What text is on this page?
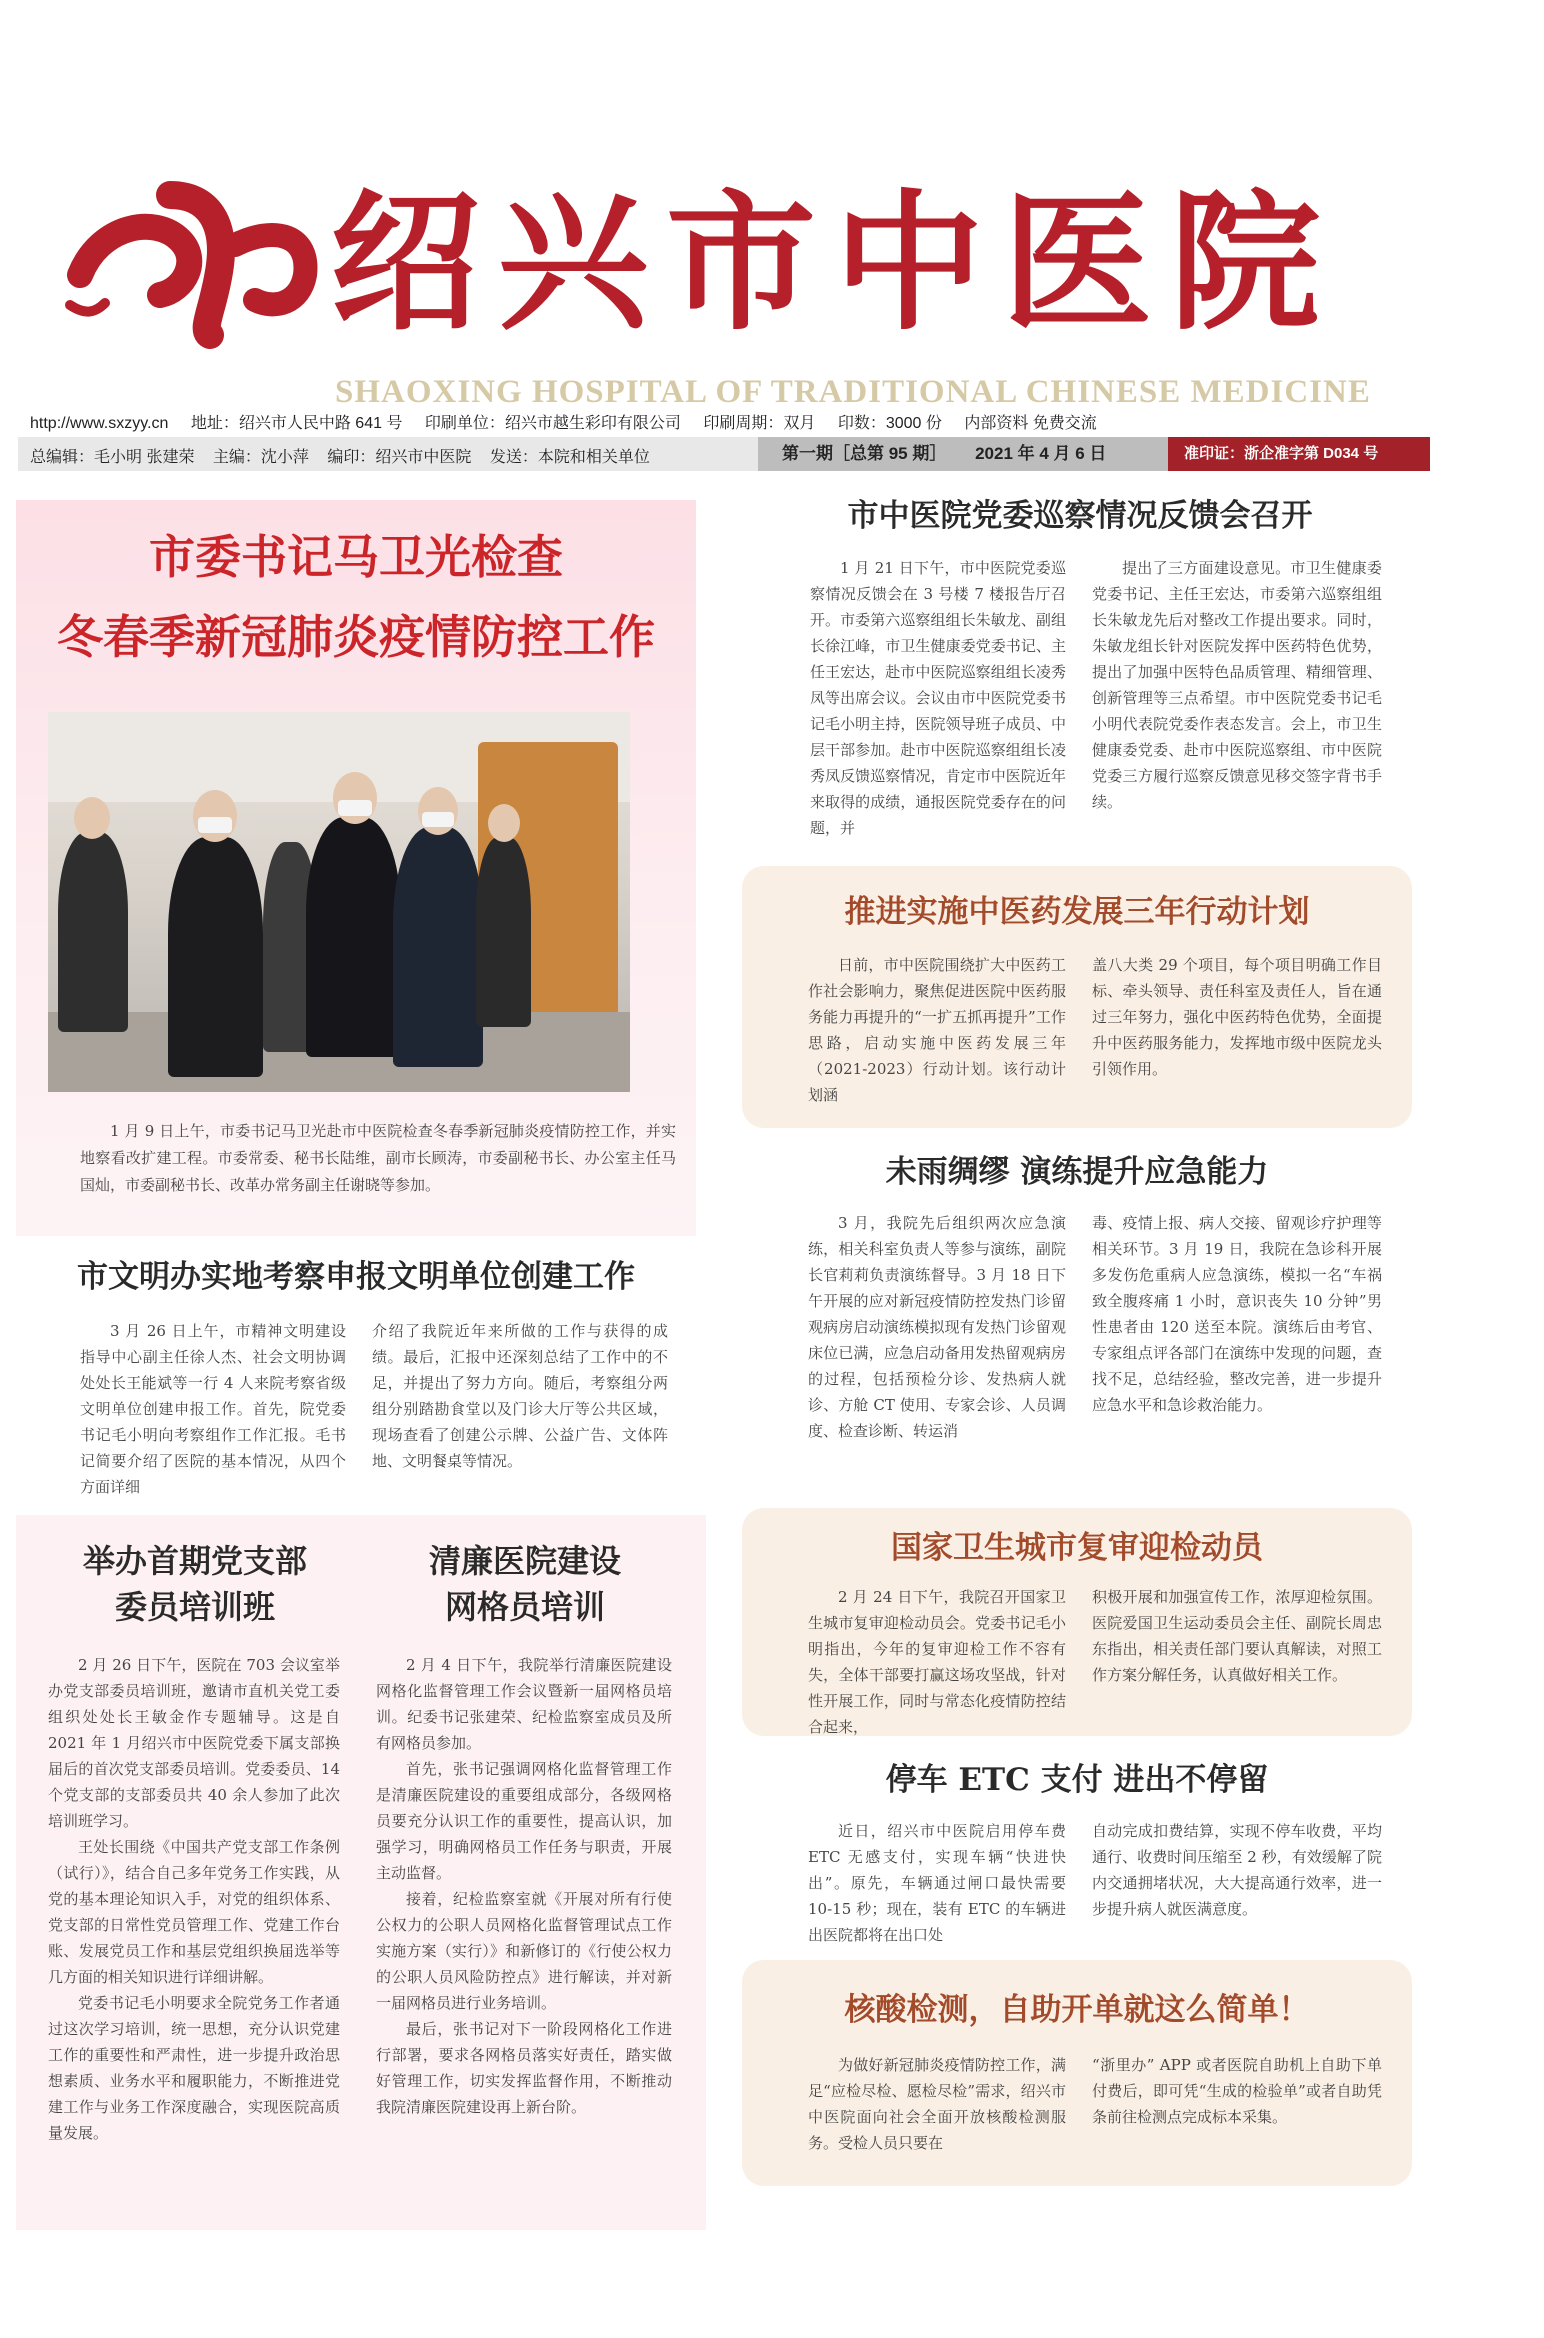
绍兴市中医院
SHAOXING HOSPITAL OF TRADITIONAL CHINESE MEDICINE
http://www.sxzyy.cn 地址：绍兴市人民中路 641 号 印刷单位：绍兴市越生彩印有限公司 印刷周期：双月 印数：3000 份 内部资料 免费交流
总编辑：毛小明 张建荣 主编：沈小萍 编印：绍兴市中医院 发送：本院和相关单位	第一期［总第 95 期］ 2021 年 4 月 6 日	准印证：浙企准字第 D034 号
市委书记马卫光检查
冬春季新冠肺炎疫情防控工作
1 月 9 日上午，市委书记马卫光赴市中医院检查冬春季新冠肺炎疫情防控工作，并实地察看改扩建工程。市委常委、秘书长陆维，副市长顾涛，市委副秘书长、办公室主任马国灿，市委副秘书长、改革办常务副主任谢晓等参加。
市文明办实地考察申报文明单位创建工作
3 月 26 日上午，市精神文明建设指导中心副主任徐人杰、社会文明协调处处长王能斌等一行 4 人来院考察省级文明单位创建申报工作。首先，院党委书记毛小明向考察组作工作汇报。毛书记简要介绍了医院的基本情况，从四个方面详细
介绍了我院近年来所做的工作与获得的成绩。最后，汇报中还深刻总结了工作中的不足，并提出了努力方向。随后，考察组分两组分别踏勘食堂以及门诊大厅等公共区域，现场查看了创建公示牌、公益广告、文体阵地、文明餐桌等情况。
举办首期党支部
委员培训班
2 月 26 日下午，医院在 703 会议室举办党支部委员培训班，邀请市直机关党工委组织处处长王敏金作专题辅导。这是自 2021 年 1 月绍兴市中医院党委下属支部换届后的首次党支部委员培训。党委委员、14 个党支部的支部委员共 40 余人参加了此次培训班学习。
王处长围绕《中国共产党支部工作条例（试行）》，结合自己多年党务工作实践，从党的基本理论知识入手，对党的组织体系、党支部的日常性党员管理工作、党建工作台账、发展党员工作和基层党组织换届选举等几方面的相关知识进行详细讲解。
党委书记毛小明要求全院党务工作者通过这次学习培训，统一思想，充分认识党建工作的重要性和严肃性，进一步提升政治思想素质、业务水平和履职能力，不断推进党建工作与业务工作深度融合，实现医院高质量发展。
清廉医院建设
网格员培训
2 月 4 日下午，我院举行清廉医院建设网格化监督管理工作会议暨新一届网格员培训。纪委书记张建荣、纪检监察室成员及所有网格员参加。
首先，张书记强调网格化监督管理工作是清廉医院建设的重要组成部分，各级网格员要充分认识工作的重要性，提高认识，加强学习，明确网格员工作任务与职责，开展主动监督。
接着，纪检监察室就《开展对所有行使公权力的公职人员网格化监督管理试点工作实施方案（实行）》和新修订的《行使公权力的公职人员风险防控点》进行解读，并对新一届网格员进行业务培训。
最后，张书记对下一阶段网格化工作进行部署，要求各网格员落实好责任，踏实做好管理工作，切实发挥监督作用，不断推动我院清廉医院建设再上新台阶。
市中医院党委巡察情况反馈会召开
1 月 21 日下午，市中医院党委巡察情况反馈会在 3 号楼 7 楼报告厅召开。市委第六巡察组组长朱敏龙、副组长徐江峰，市卫生健康委党委书记、主任王宏达，赴市中医院巡察组组长凌秀凤等出席会议。会议由市中医院党委书记毛小明主持，医院领导班子成员、中层干部参加。赴市中医院巡察组组长凌秀凤反馈巡察情况，肯定市中医院近年来取得的成绩，通报医院党委存在的问题，并
提出了三方面建设意见。市卫生健康委党委书记、主任王宏达，市委第六巡察组组长朱敏龙先后对整改工作提出要求。同时，朱敏龙组长针对医院发挥中医药特色优势，提出了加强中医特色品质管理、精细管理、创新管理等三点希望。市中医院党委书记毛小明代表院党委作表态发言。会上，市卫生健康委党委、赴市中医院巡察组、市中医院党委三方履行巡察反馈意见移交签字背书手续。
推进实施中医药发展三年行动计划
日前，市中医院围绕扩大中医药工作社会影响力，聚焦促进医院中医药服务能力再提升的“一扩五抓再提升”工作思路，启动实施中医药发展三年（2021-2023）行动计划。该行动计划涵
盖八大类 29 个项目，每个项目明确工作目标、牵头领导、责任科室及责任人，旨在通过三年努力，强化中医药特色优势，全面提升中医药服务能力，发挥地市级中医院龙头引领作用。
未雨绸缪 演练提升应急能力
3 月，我院先后组织两次应急演练，相关科室负责人等参与演练，副院长官莉莉负责演练督导。3 月 18 日下午开展的应对新冠疫情防控发热门诊留观病房启动演练模拟现有发热门诊留观床位已满，应急启动备用发热留观病房的过程，包括预检分诊、发热病人就诊、方舱 CT 使用、专家会诊、人员调度、检查诊断、转运消
毒、疫情上报、病人交接、留观诊疗护理等相关环节。3 月 19 日，我院在急诊科开展多发伤危重病人应急演练，模拟一名“车祸致全腹疼痛 1 小时，意识丧失 10 分钟”男性患者由 120 送至本院。演练后由考官、专家组点评各部门在演练中发现的问题，查找不足，总结经验，整改完善，进一步提升应急水平和急诊救治能力。
国家卫生城市复审迎检动员
2 月 24 日下午，我院召开国家卫生城市复审迎检动员会。党委书记毛小明指出，今年的复审迎检工作不容有失，全体干部要打赢这场攻坚战，针对性开展工作，同时与常态化疫情防控结合起来，
积极开展和加强宣传工作，浓厚迎检氛围。医院爱国卫生运动委员会主任、副院长周忠东指出，相关责任部门要认真解读，对照工作方案分解任务，认真做好相关工作。
停车 ETC 支付 进出不停留
近日，绍兴市中医院启用停车费 ETC 无感支付，实现车辆“快进快出”。原先，车辆通过闸口最快需要 10-15 秒；现在，装有 ETC 的车辆进出医院都将在出口处
自动完成扣费结算，实现不停车收费，平均通行、收费时间压缩至 2 秒，有效缓解了院内交通拥堵状况，大大提高通行效率，进一步提升病人就医满意度。
核酸检测，自助开单就这么简单！
为做好新冠肺炎疫情防控工作，满足“应检尽检、愿检尽检”需求，绍兴市中医院面向社会全面开放核酸检测服务。受检人员只要在
“浙里办” APP 或者医院自助机上自助下单付费后，即可凭“生成的检验单”或者自助凭条前往检测点完成标本采集。
